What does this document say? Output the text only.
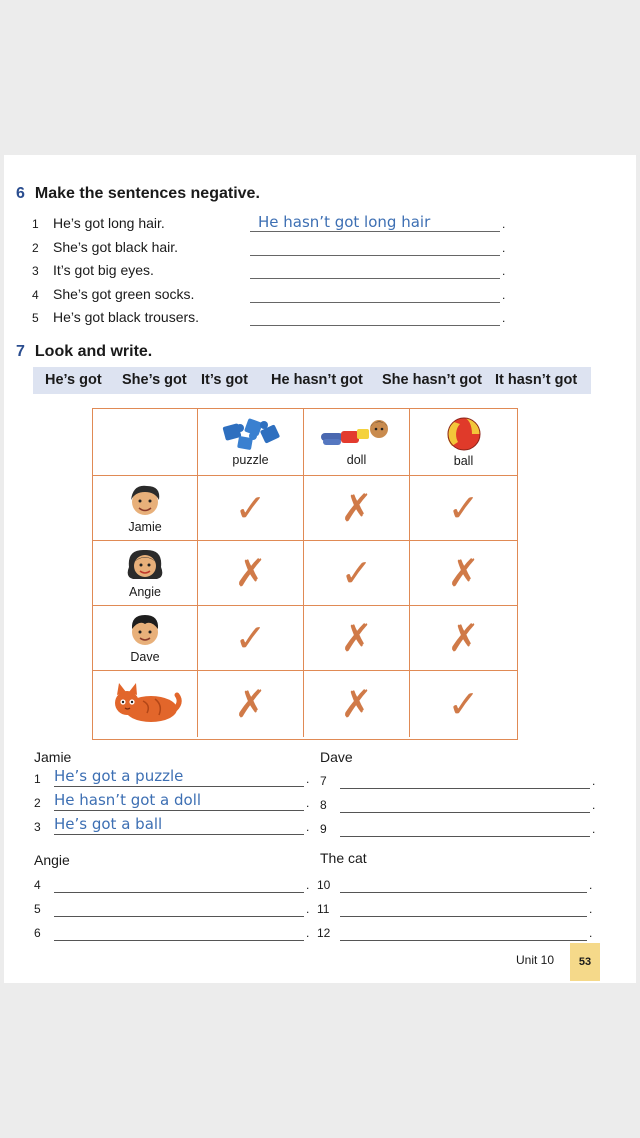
6 Make the sentences negative.
1 He’s got long hair.	He hasn’t got long hair	.
2 She’s got black hair.	.
3 It’s got big eyes.	.
4 She’s got green socks.	.
5 He’s got black trousers.	.
7 Look and write.
He’s got She’s got It’s got He hasn’t got She hasn’t got It hasn’t got
puzzle	doll	ball
Jamie ✓ ✗ ✓
Angie ✗ ✓ ✗
Dave ✓ ✗ ✗
✗ ✗ ✓
Jamie
1 He’s got a puzzle	.
2 He hasn’t got a doll	.
3 He’s got a ball	.
Dave
7	.
8	.
9	.
Angie
4	.
5	.
6	.
The cat
10	.
11	.
12	.
Unit 10	53
